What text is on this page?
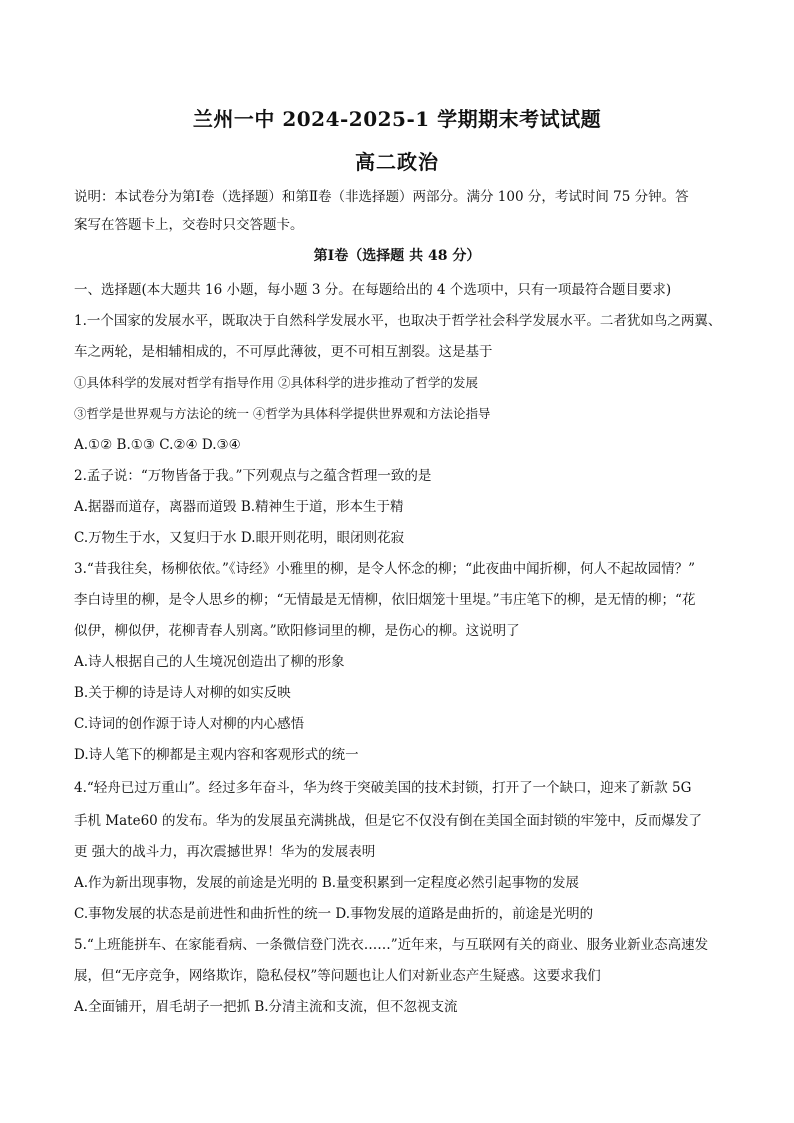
兰州一中 2024-2025-1 学期期末考试试题
高二政治
说明：本试卷分为第Ⅰ卷（选择题）和第Ⅱ卷（非选择题）两部分。满分 100 分，考试时间 75 分钟。答
案写在答题卡上，交卷时只交答题卡。
第Ⅰ卷（选择题 共 48 分）
一、选择题(本大题共 16 小题，每小题 3 分。在每题给出的 4 个选项中，只有一项最符合题目要求)
1.一个国家的发展水平，既取决于自然科学发展水平，也取决于哲学社会科学发展水平。二者犹如鸟之两翼、
车之两轮，是相辅相成的，不可厚此薄彼，更不可相互割裂。这是基于
①具体科学的发展对哲学有指导作用 ②具体科学的进步推动了哲学的发展
③哲学是世界观与方法论的统一 ④哲学为具体科学提供世界观和方法论指导
A.①② B.①③ C.②④ D.③④
2.孟子说：“万物皆备于我。”下列观点与之蕴含哲理一致的是
A.据器而道存，离器而道毁 B.精神生于道，形本生于精
C.万物生于水，又复归于水 D.眼开则花明，眼闭则花寂
3.“昔我往矣，杨柳依依。”《诗经》小雅里的柳，是令人怀念的柳；“此夜曲中闻折柳，何人不起故园情？”
李白诗里的柳，是令人思乡的柳；“无情最是无情柳，依旧烟笼十里堤。”韦庄笔下的柳，是无情的柳；“花
似伊，柳似伊，花柳青春人别离。”欧阳修词里的柳，是伤心的柳。这说明了
A.诗人根据自己的人生境况创造出了柳的形象
B.关于柳的诗是诗人对柳的如实反映
C.诗词的创作源于诗人对柳的内心感悟
D.诗人笔下的柳都是主观内容和客观形式的统一
4.“轻舟已过万重山”。经过多年奋斗，华为终于突破美国的技术封锁，打开了一个缺口，迎来了新款 5G
手机 Mate60 的发布。华为的发展虽充满挑战，但是它不仅没有倒在美国全面封锁的牢笼中，反而爆发了
更 强大的战斗力，再次震撼世界！华为的发展表明
A.作为新出现事物，发展的前途是光明的 B.量变积累到一定程度必然引起事物的发展
C.事物发展的状态是前进性和曲折性的统一 D.事物发展的道路是曲折的，前途是光明的
5.“上班能拼车、在家能看病、一条微信登门洗衣……”近年来，与互联网有关的商业、服务业新业态高速发
展，但“无序竞争，网络欺诈，隐私侵权”等问题也让人们对新业态产生疑惑。这要求我们
A.全面铺开，眉毛胡子一把抓 B.分清主流和支流，但不忽视支流
